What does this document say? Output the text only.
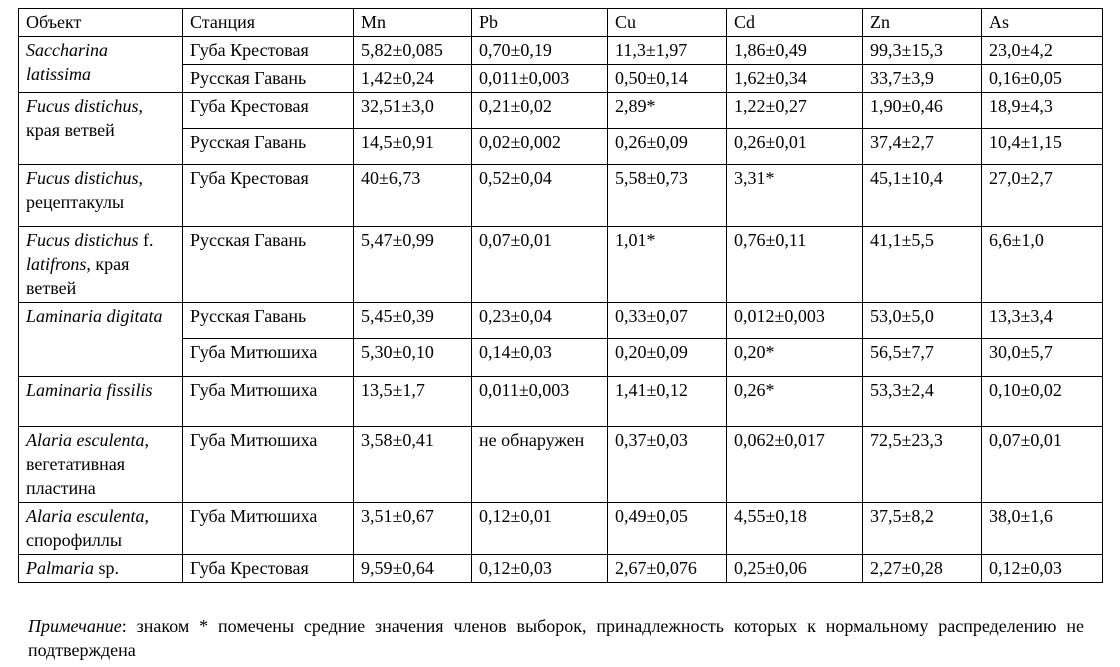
Объект	Станция	Mn	Pb	Cu	Cd	Zn	As
Saccharina latissima	Губа Крестовая	5,82±0,085	0,70±0,19	11,3±1,97	1,86±0,49	99,3±15,3	23,0±4,2
	Русская Гавань	1,42±0,24	0,011±0,003	0,50±0,14	1,62±0,34	33,7±3,9	0,16±0,05
Fucus distichus, края ветвей	Губа Крестовая	32,51±3,0	0,21±0,02	2,89*	1,22±0,27	1,90±0,46	18,9±4,3
	Русская Гавань	14,5±0,91	0,02±0,002	0,26±0,09	0,26±0,01	37,4±2,7	10,4±1,15
Fucus distichus, рецептакулы	Губа Крестовая	40±6,73	0,52±0,04	5,58±0,73	3,31*	45,1±10,4	27,0±2,7
Fucus distichus f. latifrons, края ветвей	Русская Гавань	5,47±0,99	0,07±0,01	1,01*	0,76±0,11	41,1±5,5	6,6±1,0
Laminaria digitata	Русская Гавань	5,45±0,39	0,23±0,04	0,33±0,07	0,012±0,003	53,0±5,0	13,3±3,4
	Губа Митюшиха	5,30±0,10	0,14±0,03	0,20±0,09	0,20*	56,5±7,7	30,0±5,7
Laminaria fissilis	Губа Митюшиха	13,5±1,7	0,011±0,003	1,41±0,12	0,26*	53,3±2,4	0,10±0,02
Alaria esculenta, вегетативная пластина	Губа Митюшиха	3,58±0,41	не обнаружен	0,37±0,03	0,062±0,017	72,5±23,3	0,07±0,01
Alaria esculenta, спорофиллы	Губа Митюшиха	3,51±0,67	0,12±0,01	0,49±0,05	4,55±0,18	37,5±8,2	38,0±1,6
Palmaria sp.	Губа Крестовая	9,59±0,64	0,12±0,03	2,67±0,076	0,25±0,06	2,27±0,28	0,12±0,03
Примечание: знаком * помечены средние значения членов выборок, принадлежность которых к нормальному распределению не подтверждена
